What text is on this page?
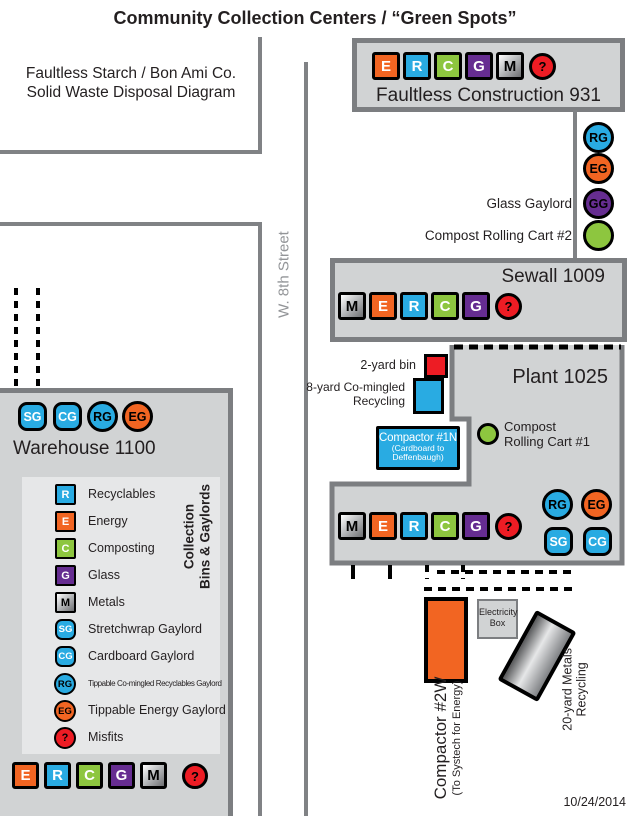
W. 8th Street
Community Collection Centers / “Green Spots”
Faultless Starch / Bon Ami Co.
Solid Waste Disposal Diagram
E	R	C	G	M	?
Faultless Construction 931
RG
EG
GG
Glass Gaylord
Compost Rolling Cart #2
Sewall 1009
M	E	R	C	G	?
Plant 1025
Compost
Rolling Cart #1
M	E	R	C	G	?
RG	EG
SG	CG
2-yard bin
8-yard Co-mingled
Recycling
Compactor #1N
(Cardboard to
Deffenbaugh)
Compactor #2W (To Systech for Energy)	20-yard Metals Recycling
Electricity
Box
10/24/2014
SG	CG	RG	EG
Warehouse 1100
R	Recyclables
E	Energy
C	Composting
G	Glass
M	Metals
SG Stretchwrap Gaylord
CG Cardboard Gaylord
RG	Tippable Co-mingled Recyclables Gaylord
EG	Tippable Energy Gaylord
?	Misfits
Collection Bins & Gaylords
E	R	C	G	M	?
